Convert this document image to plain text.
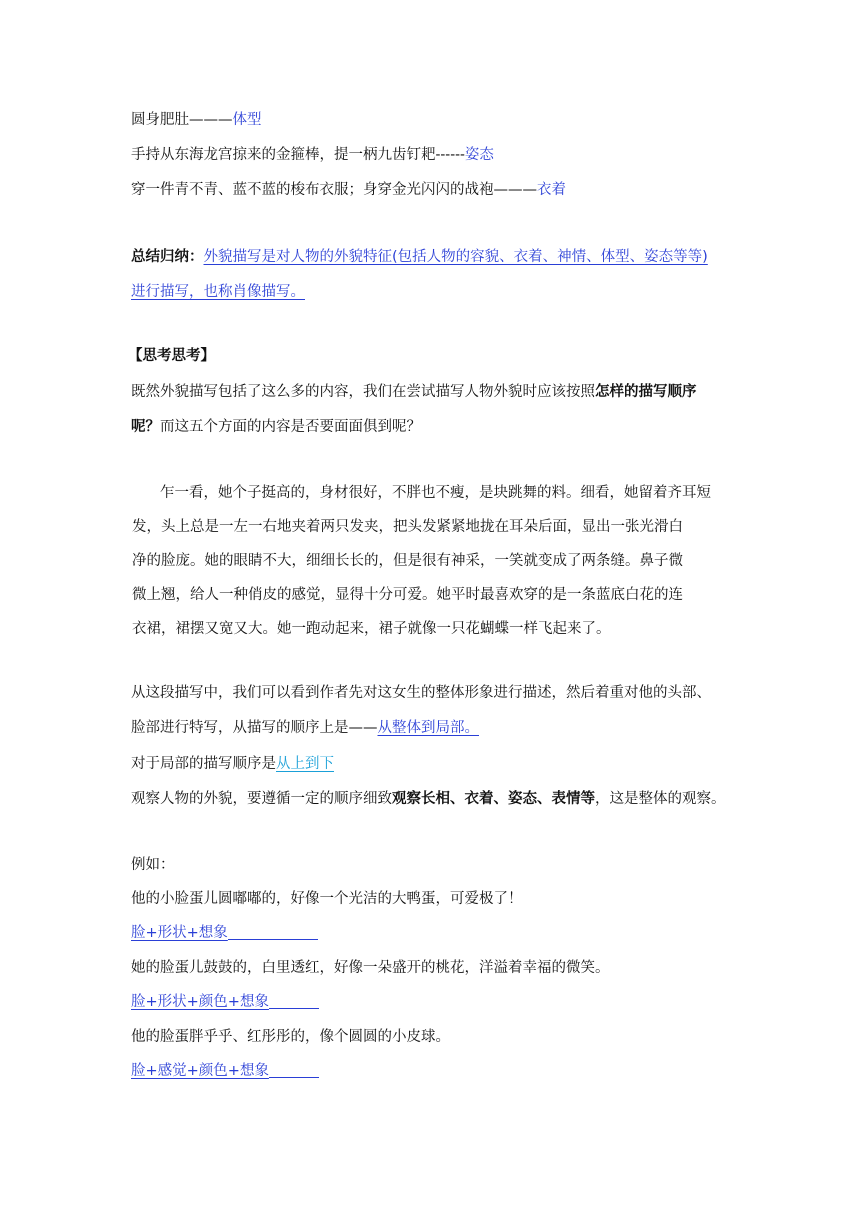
圆身肥肚———体型
手持从东海龙宫掠来的金箍棒，提一柄九齿钉耙------姿态
穿一件青不青、蓝不蓝的梭布衣服；身穿金光闪闪的战袍———衣着
总结归纳：外貌描写是对人物的外貌特征(包括人物的容貌、衣着、神情、体型、姿态等等)
进行描写，也称肖像描写。
【思考思考】
既然外貌描写包括了这么多的内容，我们在尝试描写人物外貌时应该按照怎样的描写顺序
呢？而这五个方面的内容是否要面面俱到呢？
乍一看，她个子挺高的，身材很好，不胖也不瘦，是块跳舞的料。细看，她留着齐耳短
发，头上总是一左一右地夹着两只发夹，把头发紧紧地拢在耳朵后面，显出一张光滑白
净的脸庞。她的眼睛不大，细细长长的，但是很有神采，一笑就变成了两条缝。鼻子微
微上翘，给人一种俏皮的感觉，显得十分可爱。她平时最喜欢穿的是一条蓝底白花的连
衣裙，裙摆又宽又大。她一跑动起来，裙子就像一只花蝴蝶一样飞起来了。
从这段描写中，我们可以看到作者先对这女生的整体形象进行描述，然后着重对他的头部、
脸部进行特写，从描写的顺序上是——从整体到局部。
对于局部的描写顺序是从上到下
观察人物的外貌，要遵循一定的顺序细致观察长相、衣着、姿态、表情等，这是整体的观察。
例如：
他的小脸蛋儿圆嘟嘟的，好像一个光洁的大鸭蛋，可爱极了！
脸+形状+想象
她的脸蛋儿鼓鼓的，白里透红，好像一朵盛开的桃花，洋溢着幸福的微笑。
脸+形状+颜色+想象
他的脸蛋胖乎乎、红彤彤的，像个圆圆的小皮球。
脸+感觉+颜色+想象
